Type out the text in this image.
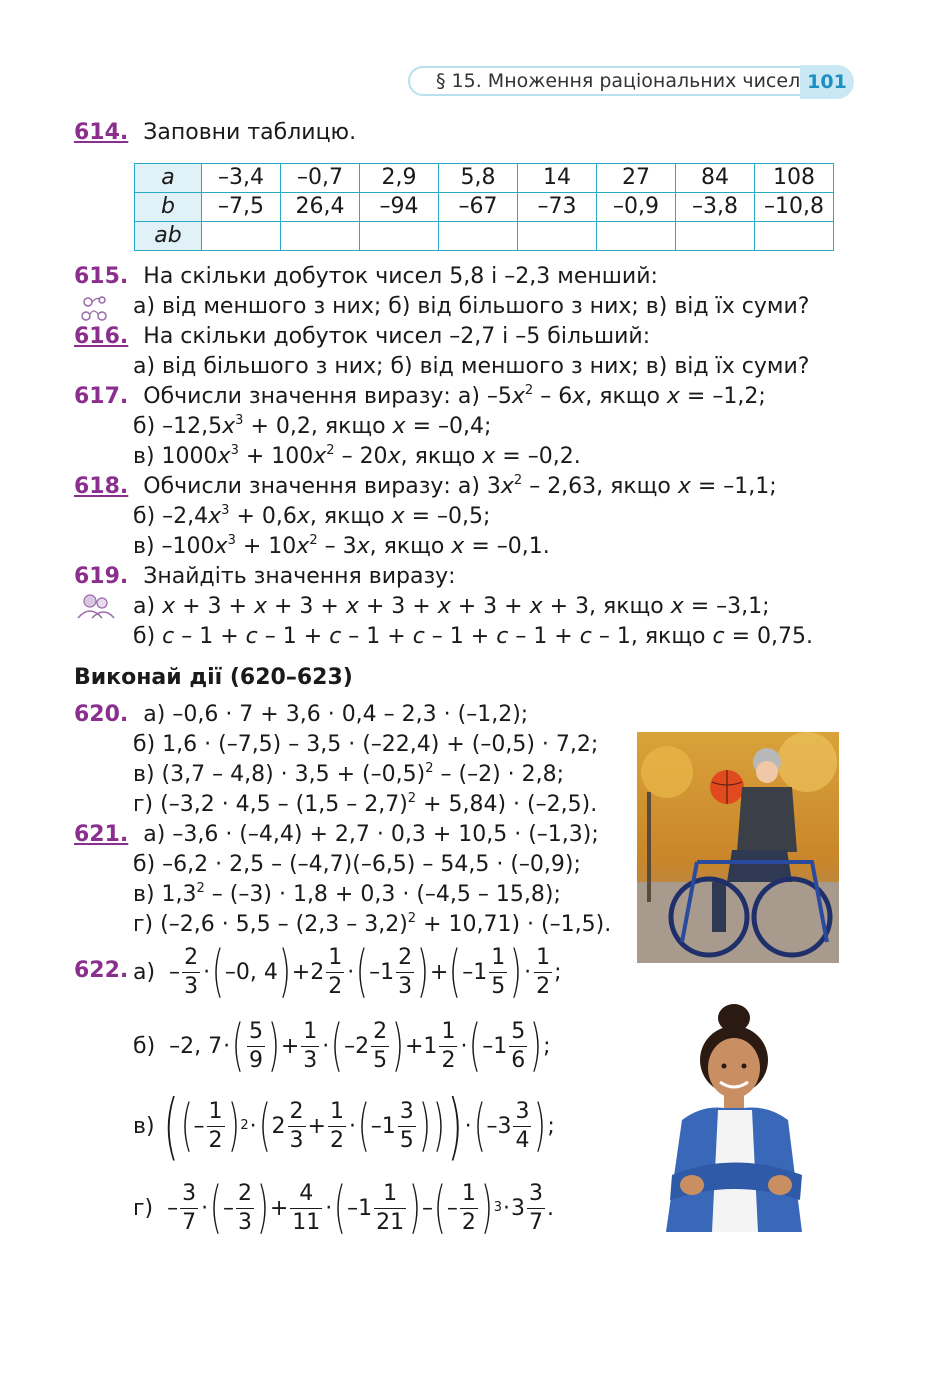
§ 15. Множення раціональних чисел 101
614. Заповни таблицю.
a	–3,4	–0,7	2,9	5,8	14	27	84	108
b	–7,5	26,4	–94	–67	–73	–0,9	–3,8	–10,8
ab								
615. На скільки добуток чисел 5,8 і –2,3 менший:
а) від меншого з них; б) від більшого з них; в) від їх суми?
616. На скільки добуток чисел –2,7 і –5 більший:
а) від більшого з них; б) від меншого з них; в) від їх суми?
617. Обчисли значення виразу: а) $-5x^2 - 6x$, якщо x = –1,2;
б) $-12,5x^3 + 0,2$, якщо x = –0,4;
в) $1000x^3 + 100x^2 - 20x$, якщо x = –0,2.
618. Обчисли значення виразу: а) $3x^2 - 2,63$, якщо x = –1,1;
б) $-2,4x^3 + 0,6x$, якщо x = –0,5;
в) $-100x^3 + 10x^2 - 3x$, якщо x = –0,1.
619. Знайдіть значення виразу:
а) x + 3 + x + 3 + x + 3 + x + 3 + x + 3, якщо x = –3,1;
б) c – 1 + c – 1 + c – 1 + c – 1 + c – 1 + c – 1, якщо c = 0,75.
Виконай дії (620–623)
620. а) –0,6 · 7 + 3,6 · 0,4 – 2,3 · (–1,2);
б) 1,6 · (–7,5) – 3,5 · (–22,4) + (–0,5) · 7,2;
в) $(3,7 - 4,8) \cdot 3,5 + (-0,5)^2 - (-2) \cdot 2,8$;
г) (–3,2 · 4,5 – (1,5 – 2,7)$^2$ + 5,84) · (–2,5).
621. а) –3,6 · (–4,4) + 2,7 · 0,3 + 10,5 · (–1,3);
б) –6,2 · 2,5 – (–4,7)(–6,5) – 54,5 · (–0,9);
в) $1,3^2 - (-3) \cdot 1,8 + 0,3 \cdot (-4,5 - 15,8)$;
г) (–2,6 · 5,5 – (2,3 – 3,2)$^2$ + 10,71) · (–1,5).
622. а)  –
2
3
· ( –0, 4 ) +2
1
2
· ( –1
2
3 ) + ( –1
1
5 ) ·
1
2
;
б)  –2, 7 · ( 5
9 ) + $\frac{1}{3}$ · ( –2
2
5 ) +1
1
2
· ( –1
5
6 ) ;
в) ( ( –
1
2 ) 2 · ( 2
2
3
+ $\frac{1}{2}$ · ( –1
3
5 ) ) ) · ( –3
3
4 ) ;
г)  –
3
7
· ( –
2
3 ) + $\frac{4}{11}$ · ( –1
1
21 ) – ( –
1
2 ) 3 · 3
3
7
.
